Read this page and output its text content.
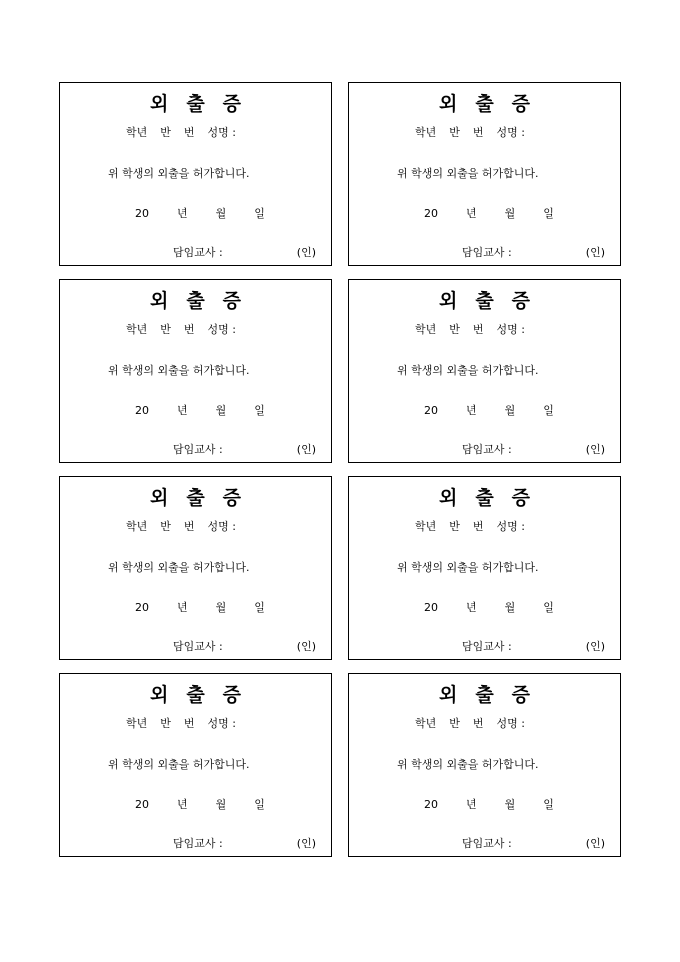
외 출 증
학년 반 번 성명 :
위 학생의 외출을 허가합니다.
20	년	월	일
담임교사 :	(인)
외 출 증
학년 반 번 성명 :
위 학생의 외출을 허가합니다.
20	년	월	일
담임교사 :	(인)
외 출 증
학년 반 번 성명 :
위 학생의 외출을 허가합니다.
20	년	월	일
담임교사 :	(인)
외 출 증
학년 반 번 성명 :
위 학생의 외출을 허가합니다.
20	년	월	일
담임교사 :	(인)
외 출 증
학년 반 번 성명 :
위 학생의 외출을 허가합니다.
20	년	월	일
담임교사 :	(인)
외 출 증
학년 반 번 성명 :
위 학생의 외출을 허가합니다.
20	년	월	일
담임교사 :	(인)
외 출 증
학년 반 번 성명 :
위 학생의 외출을 허가합니다.
20	년	월	일
담임교사 :	(인)
외 출 증
학년 반 번 성명 :
위 학생의 외출을 허가합니다.
20	년	월	일
담임교사 :	(인)
